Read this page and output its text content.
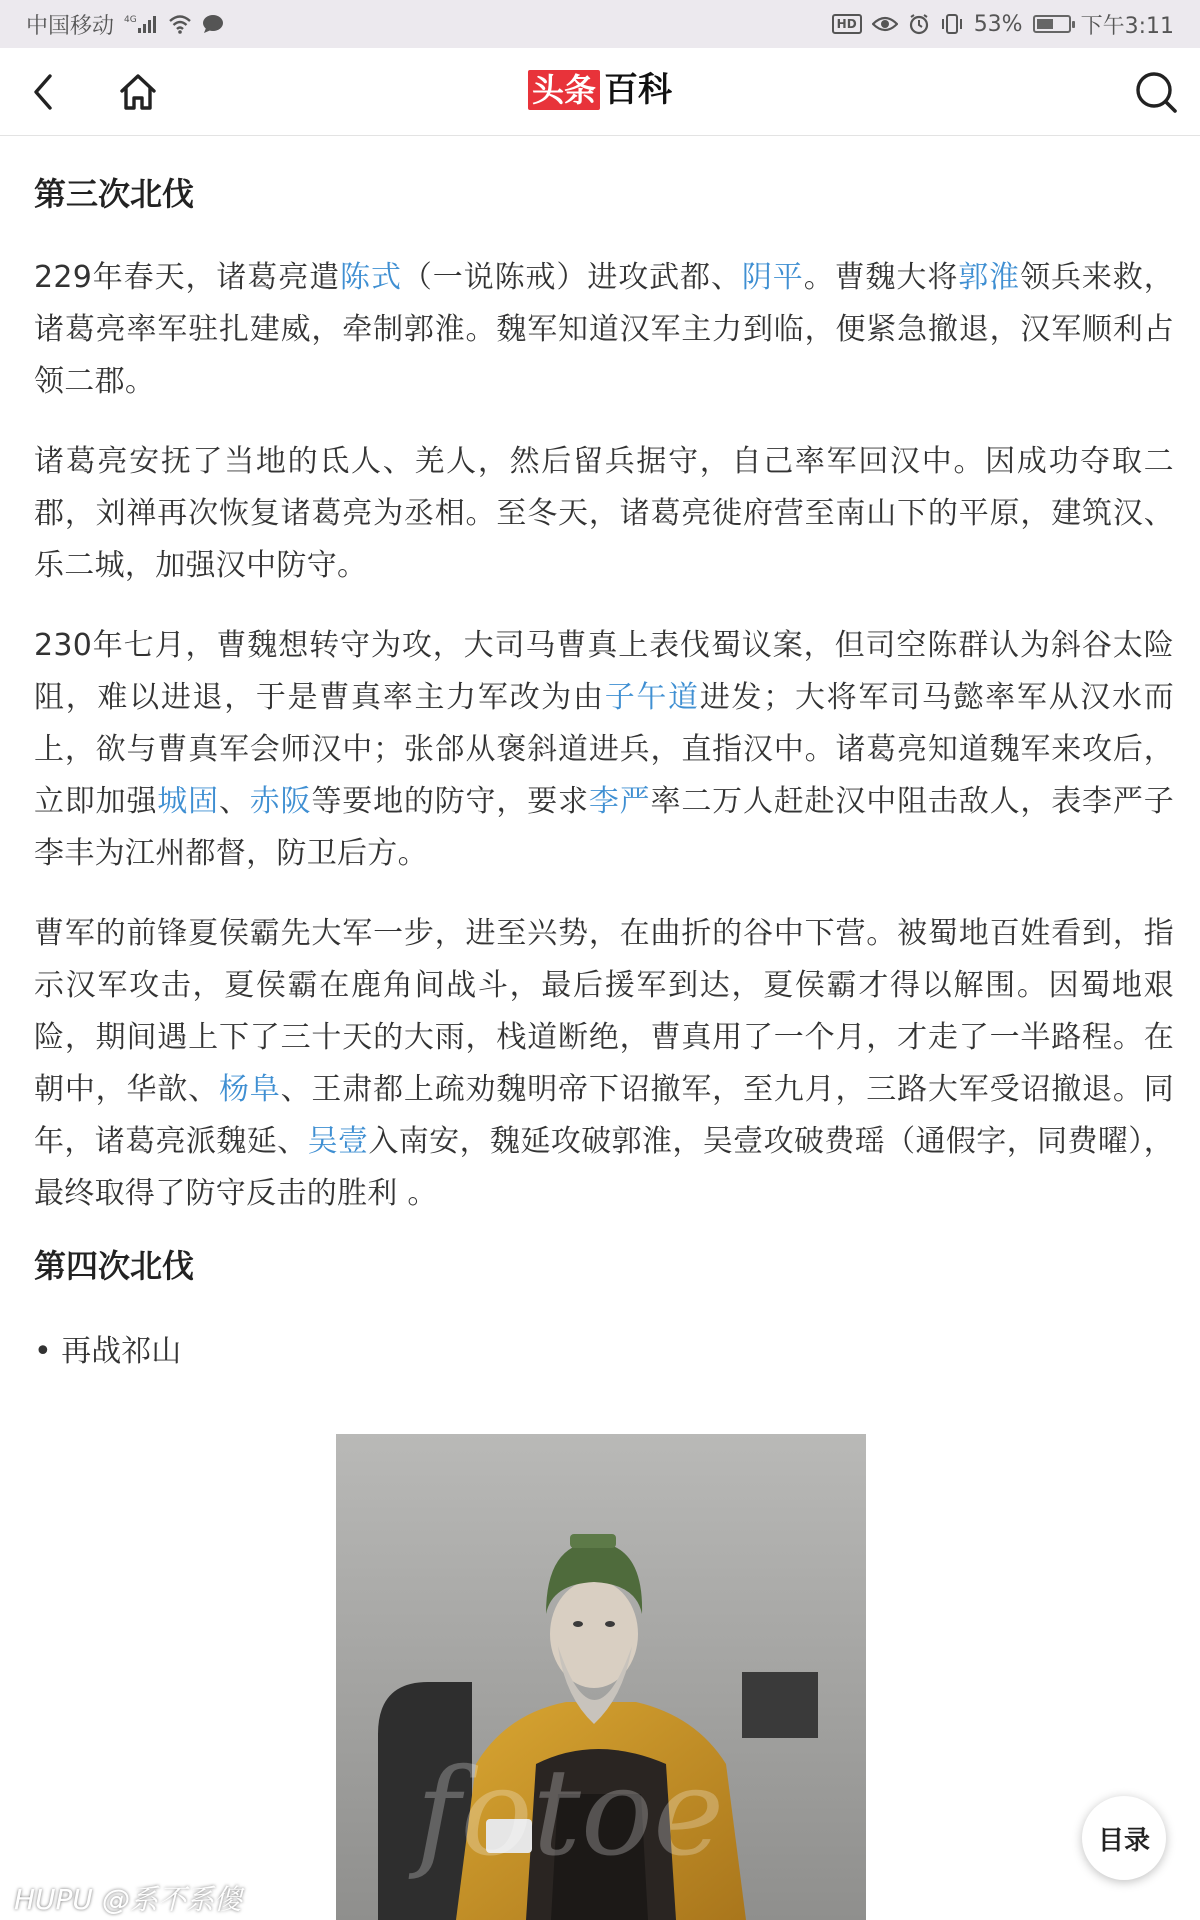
中国移动 4G	HD	53%	下午3:11
头条 百科
第三次北伐

229年春天，诸葛亮遣陈式（一说陈戒）进攻武都、阴平。曹魏大将郭淮领兵来救，诸葛亮率军驻扎建威，牵制郭淮。魏军知道汉军主力到临，便紧急撤退，汉军顺利占领二郡。

诸葛亮安抚了当地的氐人、羌人，然后留兵据守，自己率军回汉中。因成功夺取二郡，刘禅再次恢复诸葛亮为丞相。至冬天，诸葛亮徙府营至南山下的平原，建筑汉、乐二城，加强汉中防守。

230年七月，曹魏想转守为攻，大司马曹真上表伐蜀议案，但司空陈群认为斜谷太险阻，难以进退，于是曹真率主力军改为由子午道进发；大将军司马懿率军从汉水而上，欲与曹真军会师汉中；张郃从褒斜道进兵，直指汉中。诸葛亮知道魏军来攻后，立即加强城固、赤阪等要地的防守，要求李严率二万人赶赴汉中阻击敌人，表李严子李丰为江州都督，防卫后方。

曹军的前锋夏侯霸先大军一步，进至兴势，在曲折的谷中下营。被蜀地百姓看到，指示汉军攻击，夏侯霸在鹿角间战斗，最后援军到达，夏侯霸才得以解围。因蜀地艰险，期间遇上下了三十天的大雨，栈道断绝，曹真用了一个月，才走了一半路程。在朝中，华歆、杨阜、王肃都上疏劝魏明帝下诏撤军，至九月，三路大军受诏撤退。同年，诸葛亮派魏延、吴壹入南安，魏延攻破郭淮，吴壹攻破费瑶（通假字，同费曜），最终取得了防守反击的胜利 。

第四次北伐
• 再战祁山
fotoe	目录
HUPU @系不系傻
